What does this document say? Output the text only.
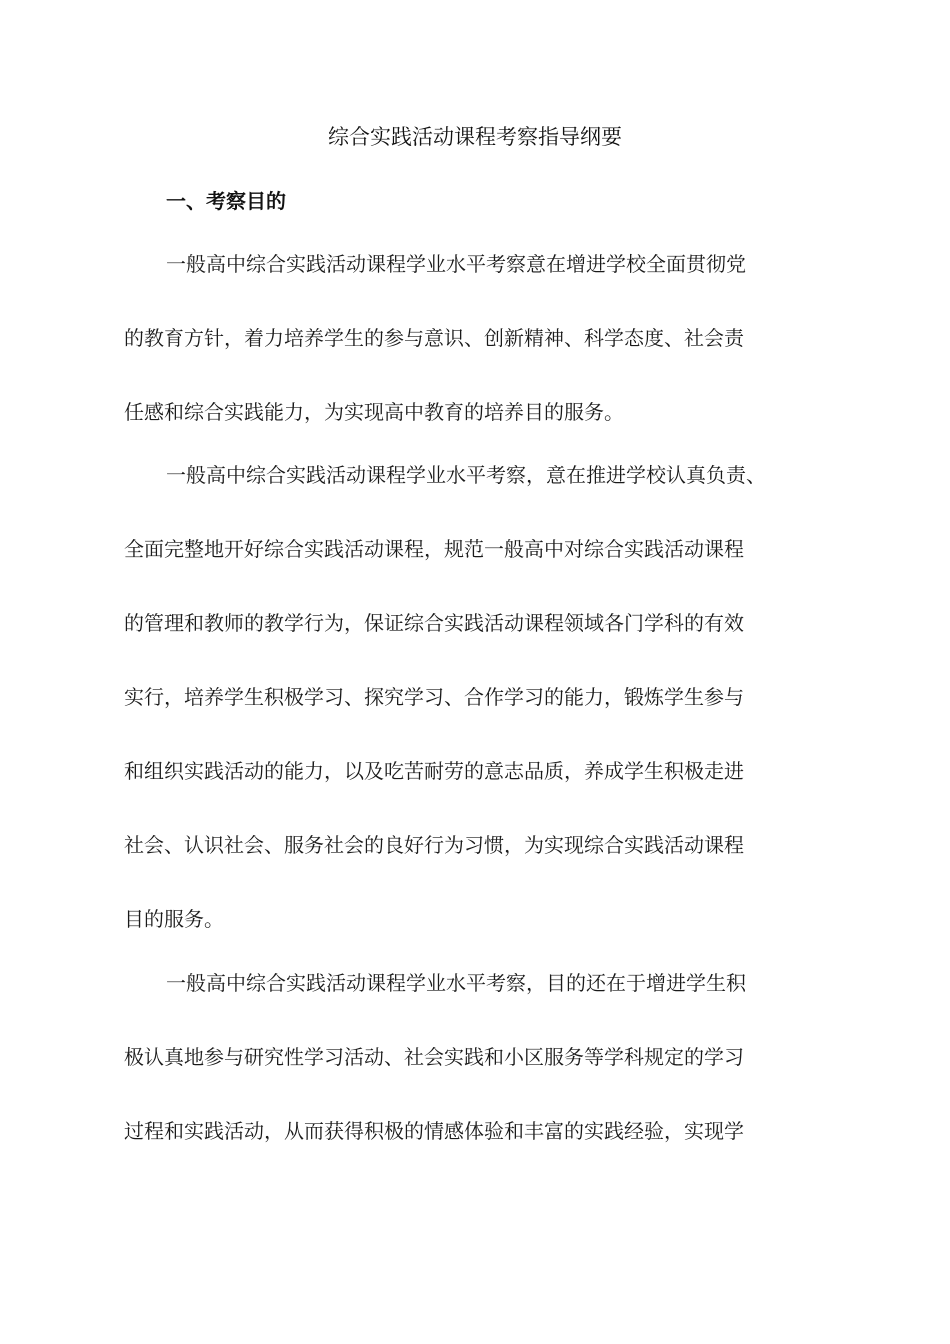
综合实践活动课程考察指导纲要
一、考察目的
一般高中综合实践活动课程学业水平考察意在增进学校全面贯彻党
的教育方针，着力培养学生的参与意识、创新精神、科学态度、社会责
任感和综合实践能力，为实现高中教育的培养目的服务。
一般高中综合实践活动课程学业水平考察，意在推进学校认真负责、
全面完整地开好综合实践活动课程，规范一般高中对综合实践活动课程
的管理和教师的教学行为，保证综合实践活动课程领域各门学科的有效
实行，培养学生积极学习、探究学习、合作学习的能力，锻炼学生参与
和组织实践活动的能力，以及吃苦耐劳的意志品质，养成学生积极走进
社会、认识社会、服务社会的良好行为习惯，为实现综合实践活动课程
目的服务。
一般高中综合实践活动课程学业水平考察，目的还在于增进学生积
极认真地参与研究性学习活动、社会实践和小区服务等学科规定的学习
过程和实践活动，从而获得积极的情感体验和丰富的实践经验，实现学
